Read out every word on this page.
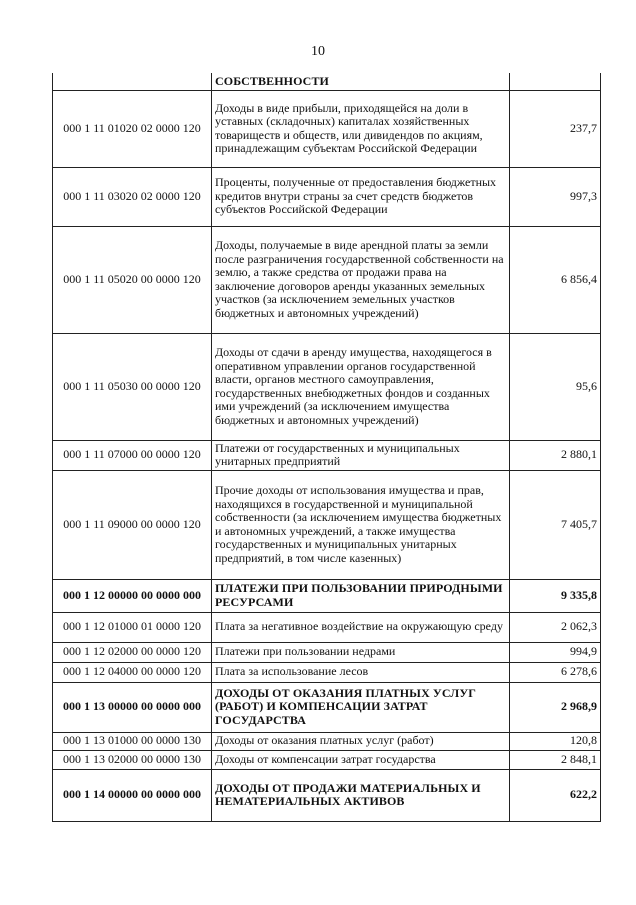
10
	СОБСТВЕННОСТИ	
000 1 11 01020 02 0000 120	Доходы в виде прибыли, приходящейся на доли в уставных (складочных) капиталах хозяйственных товариществ и обществ, или дивидендов по акциям, принадлежащим субъектам Российской Федерации	237,7
000 1 11 03020 02 0000 120	Проценты, полученные от предоставления бюджетных кредитов внутри страны за счет средств бюджетов субъектов Российской Федерации	997,3
000 1 11 05020 00 0000 120	Доходы, получаемые в виде арендной платы за земли после разграничения государственной собственности на землю, а также средства от продажи права на заключение договоров аренды указанных земельных участков (за исключением земельных участков бюджетных и автономных учреждений)	6 856,4
000 1 11 05030 00 0000 120	Доходы от сдачи в аренду имущества, находящегося в оперативном управлении органов государственной власти, органов местного самоуправления, государственных внебюджетных фондов и созданных ими учреждений (за исключением имущества бюджетных и автономных учреждений)	95,6
000 1 11 07000 00 0000 120	Платежи от государственных и муниципальных унитарных предприятий	2 880,1
000 1 11 09000 00 0000 120	Прочие доходы от использования имущества и прав, находящихся в государственной и муниципальной собственности (за исключением имущества бюджетных и автономных учреждений, а также имущества государственных и муниципальных унитарных предприятий, в том числе казенных)	7 405,7
000 1 12 00000 00 0000 000	ПЛАТЕЖИ ПРИ ПОЛЬЗОВАНИИ ПРИРОДНЫМИ РЕСУРСАМИ	9 335,8
000 1 12 01000 01 0000 120	Плата за негативное воздействие на окружающую среду	2 062,3
000 1 12 02000 00 0000 120	Платежи при пользовании недрами	994,9
000 1 12 04000 00 0000 120	Плата за использование лесов	6 278,6
000 1 13 00000 00 0000 000	ДОХОДЫ ОТ ОКАЗАНИЯ ПЛАТНЫХ УСЛУГ (РАБОТ) И КОМПЕНСАЦИИ ЗАТРАТ ГОСУДАРСТВА	2 968,9
000 1 13 01000 00 0000 130	Доходы от оказания платных услуг (работ)	120,8
000 1 13 02000 00 0000 130	Доходы от компенсации затрат государства	2 848,1
000 1 14 00000 00 0000 000	ДОХОДЫ ОТ ПРОДАЖИ МАТЕРИАЛЬНЫХ И НЕМАТЕРИАЛЬНЫХ АКТИВОВ	622,2
